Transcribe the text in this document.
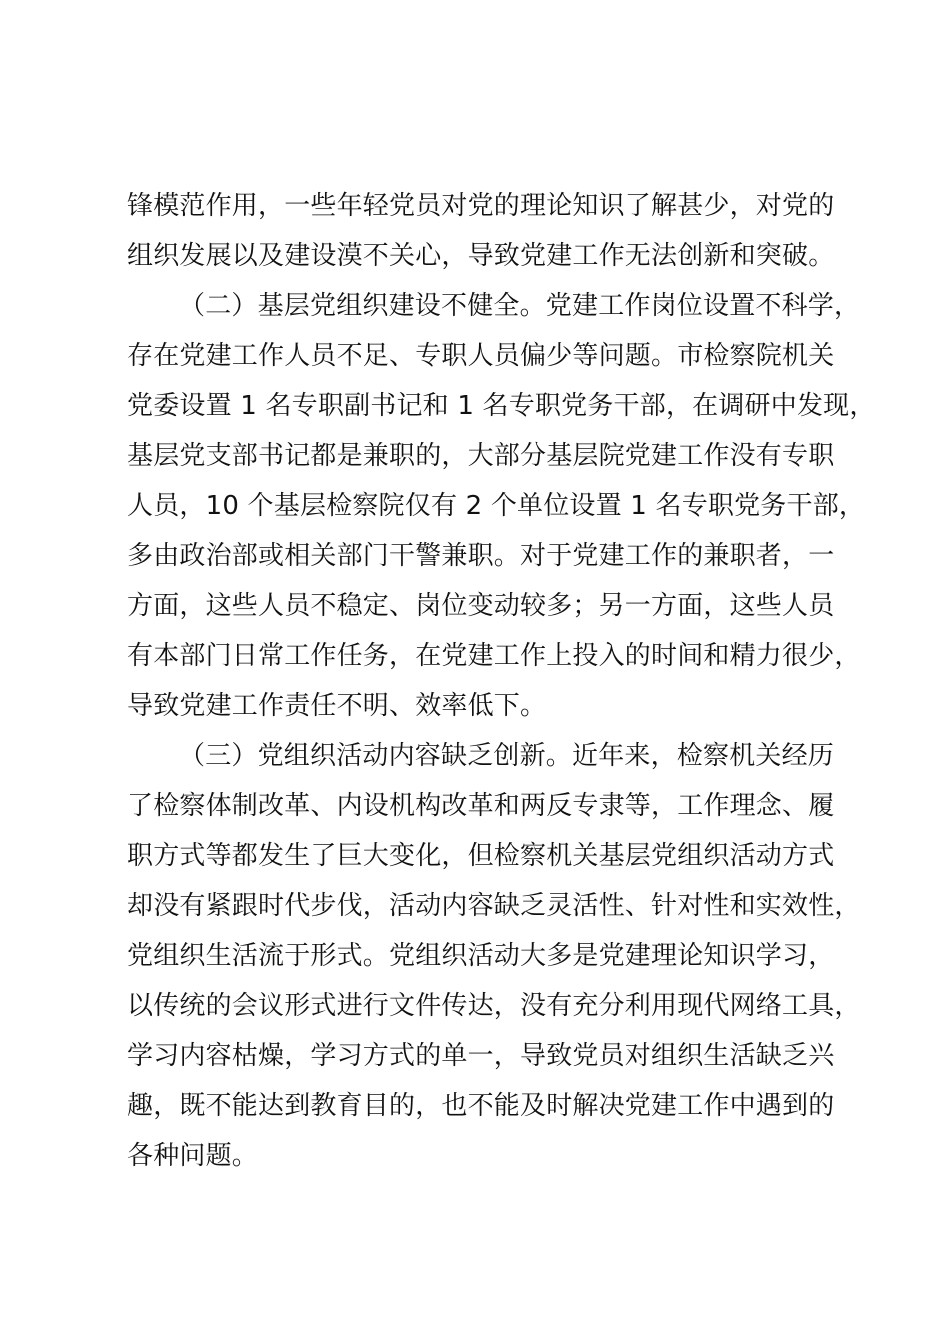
锋模范作用，一些年轻党员对党的理论知识了解甚少，对党的
组织发展以及建设漠不关心，导致党建工作无法创新和突破。
（二）基层党组织建设不健全。党建工作岗位设置不科学，
存在党建工作人员不足、专职人员偏少等问题。市检察院机关
党委设置 1 名专职副书记和 1 名专职党务干部，在调研中发现，
基层党支部书记都是兼职的，大部分基层院党建工作没有专职
人员，10 个基层检察院仅有 2 个单位设置 1 名专职党务干部，
多由政治部或相关部门干警兼职。对于党建工作的兼职者，一
方面，这些人员不稳定、岗位变动较多；另一方面，这些人员
有本部门日常工作任务，在党建工作上投入的时间和精力很少，
导致党建工作责任不明、效率低下。
（三）党组织活动内容缺乏创新。近年来，检察机关经历
了检察体制改革、内设机构改革和两反专隶等，工作理念、履
职方式等都发生了巨大变化，但检察机关基层党组织活动方式
却没有紧跟时代步伐，活动内容缺乏灵活性、针对性和实效性，
党组织生活流于形式。党组织活动大多是党建理论知识学习，
以传统的会议形式进行文件传达，没有充分利用现代网络工具，
学习内容枯燥，学习方式的单一，导致党员对组织生活缺乏兴
趣，既不能达到教育目的，也不能及时解决党建工作中遇到的
各种问题。
